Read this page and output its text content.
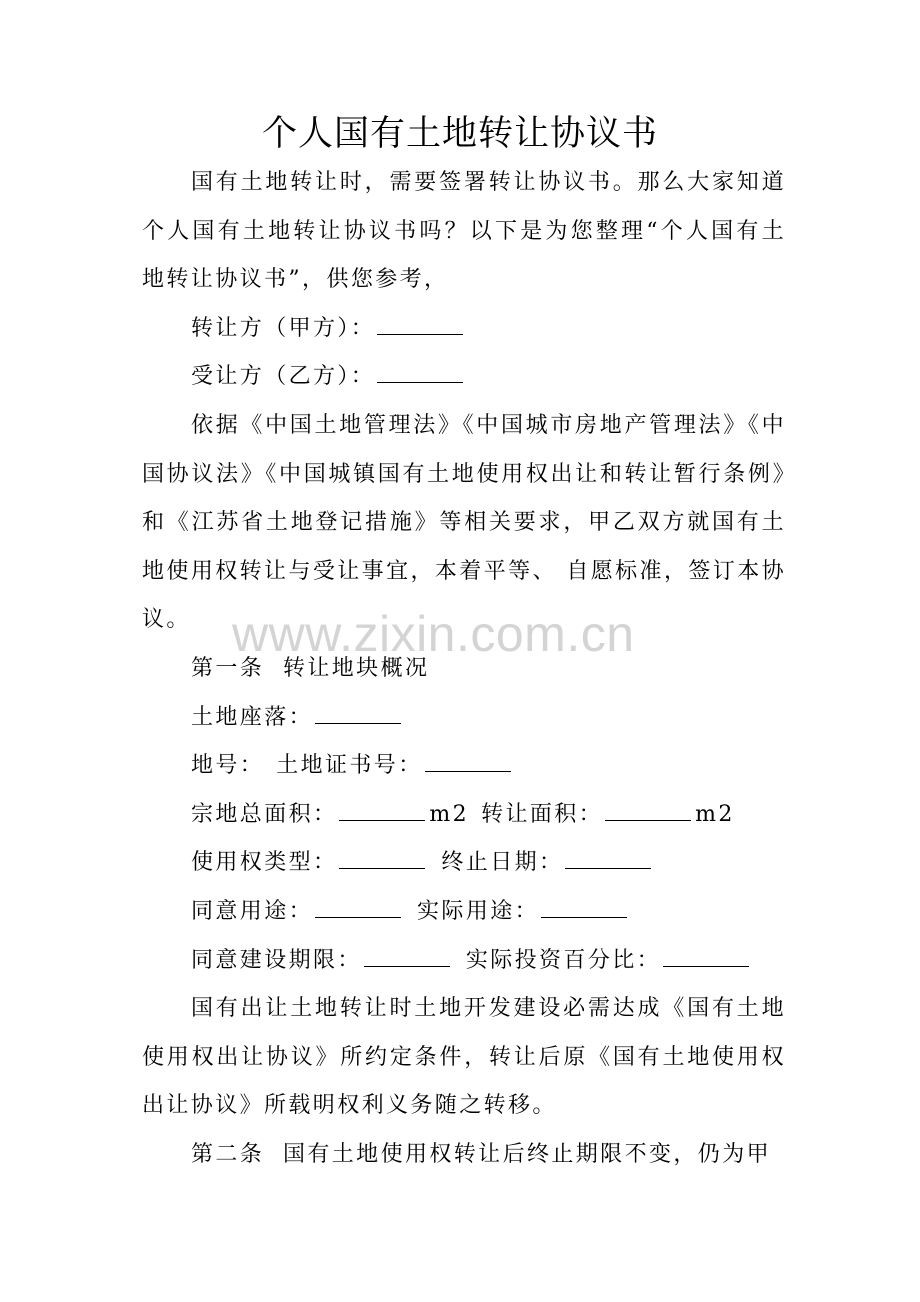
个人国有土地转让协议书

国有土地转让时，需要签署转让协议书。那么大家知道个人国有土地转让协议书吗？以下是为您整理“个人国有土地转让协议书”，供您参考，

转让方（甲方）：

受让方（乙方）：

依据《中国土地管理法》《中国城市房地产管理法》《中国协议法》《中国城镇国有土地使用权出让和转让暂行条例》和《江苏省土地登记措施》等相关要求，甲乙双方就国有土地使用权转让与受让事宜，本着平等、 自愿标准，签订本协议。

第一条  转让地块概况

土地座落：

地号： 土地证书号：

宗地总面积：	m2 转让面积：	m2

使用权类型：	终止日期：

同意用途：	实际用途：

同意建设期限：	实际投资百分比：

国有出让土地转让时土地开发建设必需达成《国有土地使用权出让协议》所约定条件，转让后原《国有土地使用权出让协议》所载明权利义务随之转移。

第二条  国有土地使用权转让后终止期限不变，仍为甲

www.zixin.com.cn
